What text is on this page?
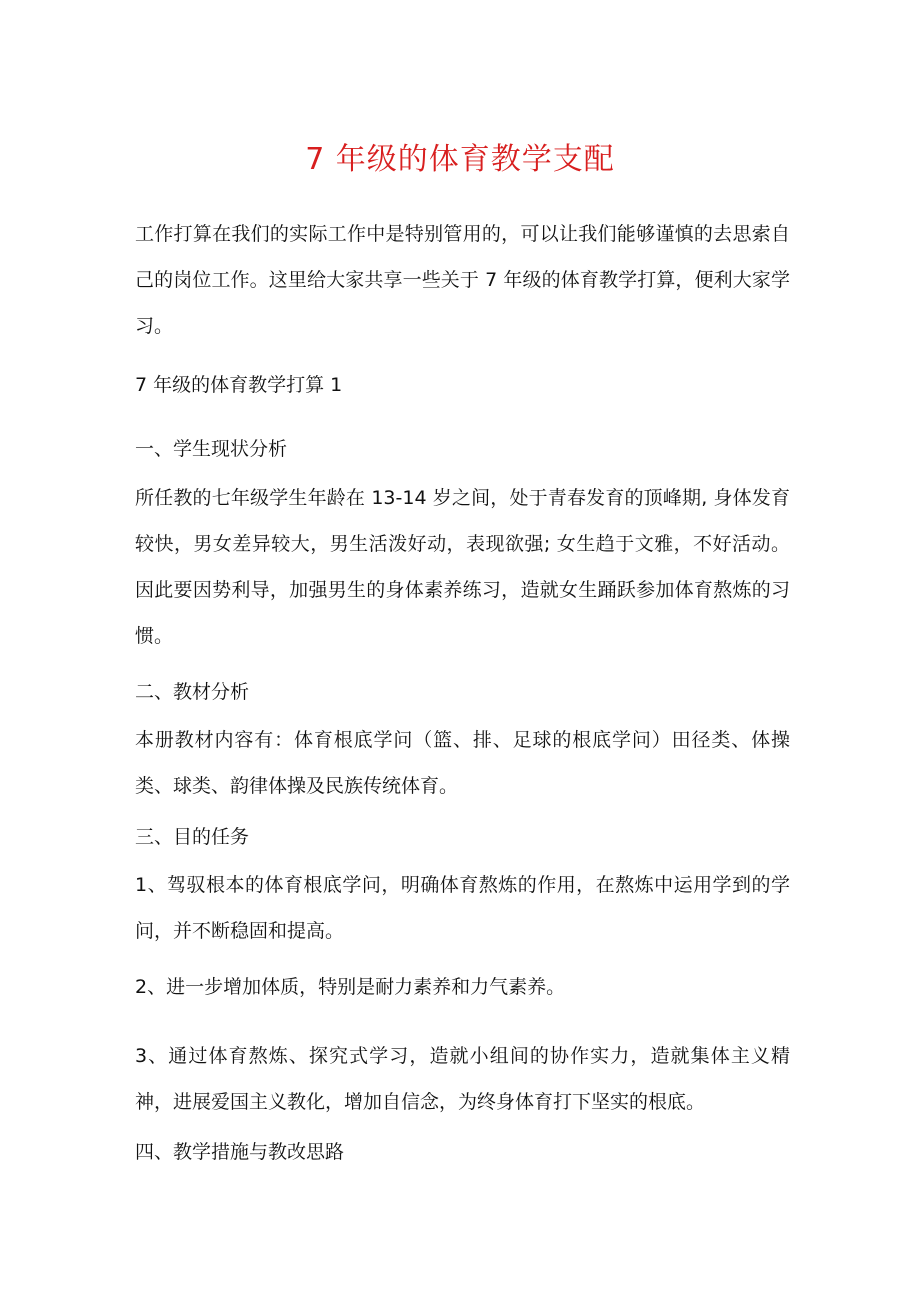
7 年级的体育教学支配

工作打算在我们的实际工作中是特别管用的，可以让我们能够谨慎的去思索自己的岗位工作。这里给大家共享一些关于 7 年级的体育教学打算，便利大家学习。

7 年级的体育教学打算 1

一、学生现状分析

所任教的七年级学生年龄在 13-14 岁之间，处于青春发育的顶峰期, 身体发育较快，男女差异较大，男生活泼好动，表现欲强; 女生趋于文雅，不好活动。因此要因势利导，加强男生的身体素养练习，造就女生踊跃参加体育熬炼的习惯。

二、教材分析

本册教材内容有：体育根底学问（篮、排、足球的根底学问）田径类、体操类、球类、韵律体操及民族传统体育。

三、目的任务

1、驾驭根本的体育根底学问，明确体育熬炼的作用，在熬炼中运用学到的学问，并不断稳固和提高。

2、进一步增加体质，特别是耐力素养和力气素养。

3、通过体育熬炼、探究式学习，造就小组间的协作实力，造就集体主义精神，进展爱国主义教化，增加自信念，为终身体育打下坚实的根底。

四、教学措施与教改思路
